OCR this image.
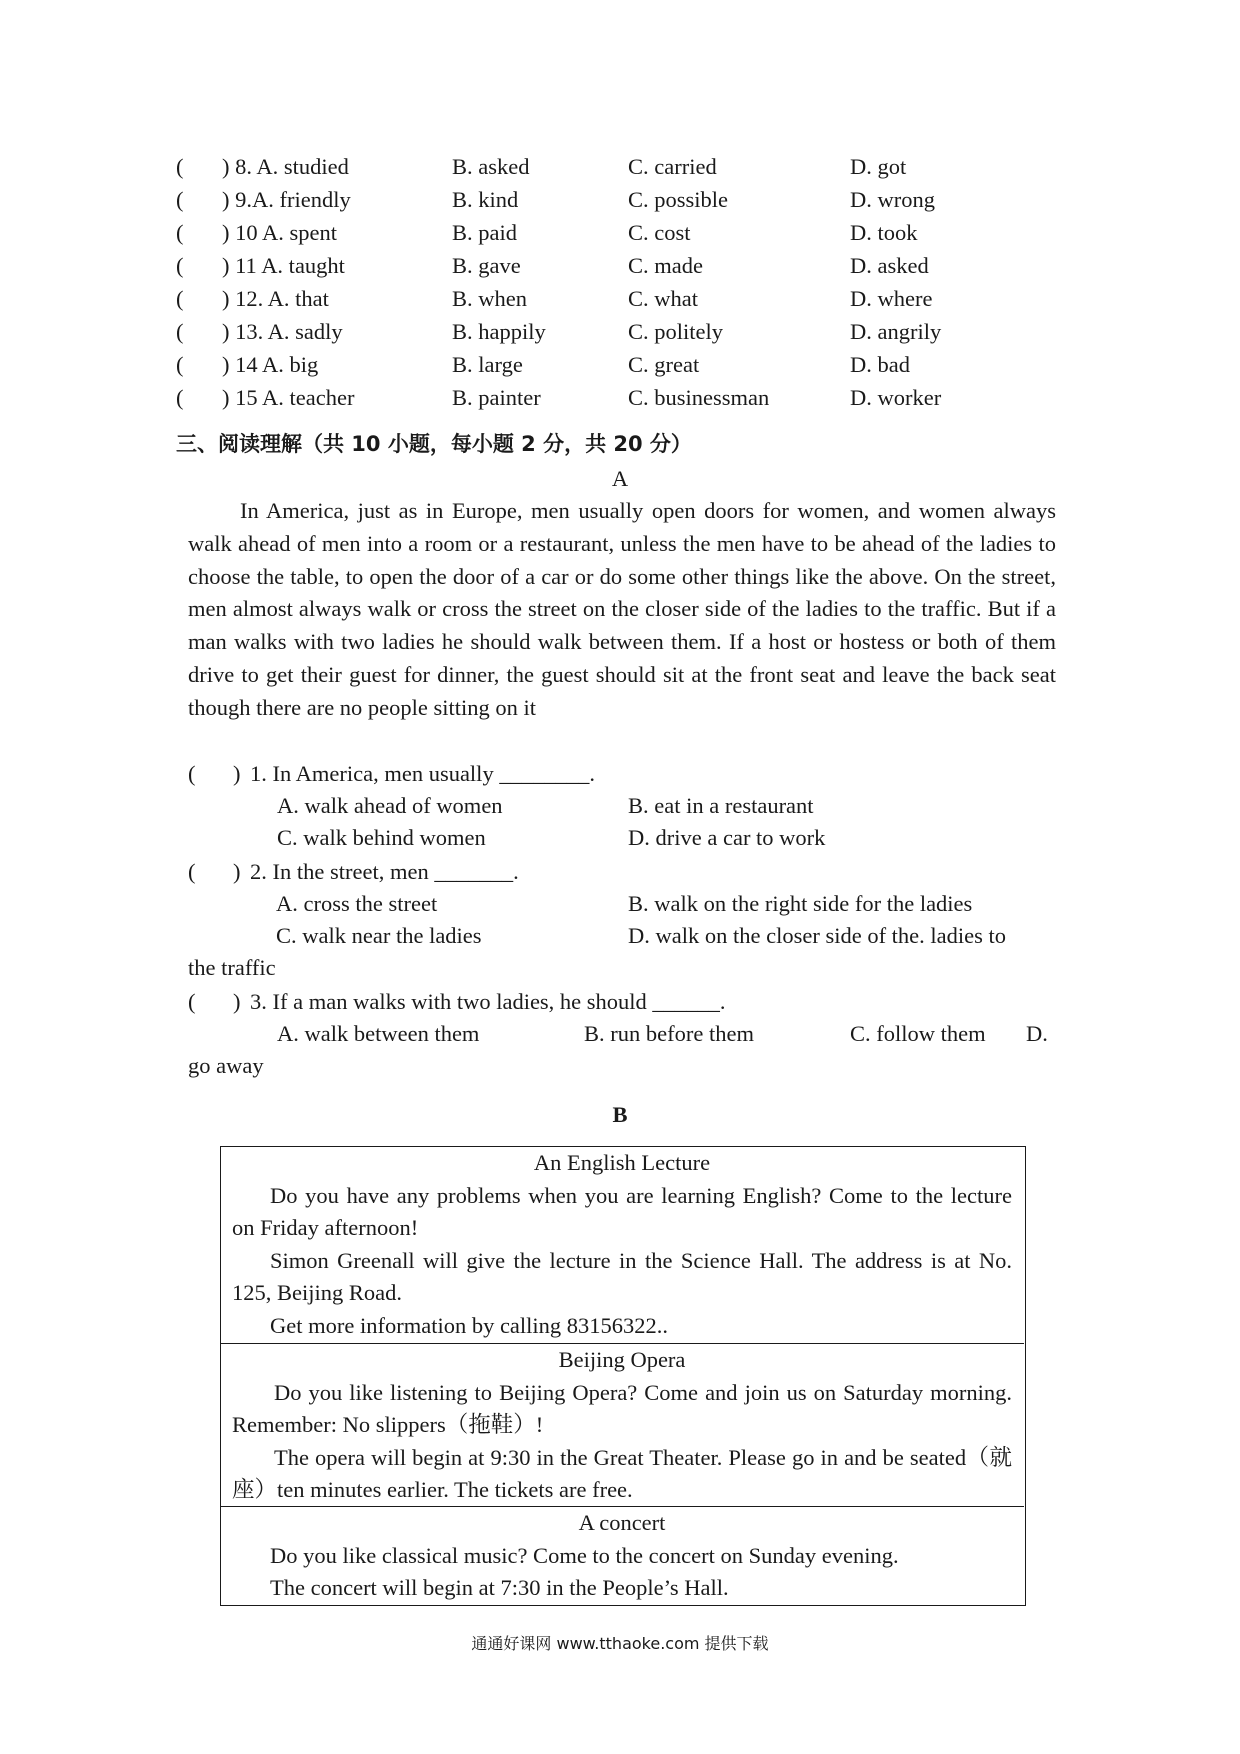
( ) 8. A. studied	B. asked	C. carried	D. got
( ) 9.A. friendly	B. kind	C. possible	D. wrong
( ) 10 A. spent	B. paid	C. cost	D. took
( ) 11 A. taught	B. gave	C. made	D. asked
( ) 12. A. that	B. when	C. what	D. where
( ) 13. A. sadly	B. happily	C. politely	D. angrily
( ) 14 A. big	B. large	C. great	D. bad
( ) 15 A. teacher	B. painter	C. businessman	D. worker
三、阅读理解（共 10 小题，每小题 2 分，共 20 分）
A

In America, just as in Europe, men usually open doors for women, and women always walk ahead of men into a room or a restaurant, unless the men have to be ahead of the ladies to choose the table, to open the door of a car or do some other things like the above. On the street, men almost always walk or cross the street on the closer side of the ladies to the traffic. But if a man walks with two ladies he should walk between them. If a host or hostess or both of them drive to get their guest for dinner, the guest should sit at the front seat and leave the back seat though there are no people sitting on it

( ) 1. In America, men usually ________.
A. walk ahead of women	B. eat in a restaurant
C. walk behind women	D. drive a car to work
( ) 2. In the street, men _______.
A. cross the street	B. walk on the right side for the ladies
C. walk near the ladies	D. walk on the closer side of the. ladies to
the traffic
( ) 3. If a man walks with two ladies, he should ______.
A. walk between them	B. run before them	C. follow them D.
go away
B
An English Lecture

Do you have any problems when you are learning English? Come to the lecture on Friday afternoon!

Simon Greenall will give the lecture in the Science Hall. The address is at No. 125, Beijing Road.

Get more information by calling 83156322..

Beijing Opera

Do you like listening to Beijing Opera? Come and join us on Saturday morning. Remember: No slippers（拖鞋）!

The opera will begin at 9:30 in the Great Theater. Please go in and be seated（就座）ten minutes earlier. The tickets are free.

A concert

Do you like classical music? Come to the concert on Sunday evening.

The concert will begin at 7:30 in the People’s Hall.

通通好课网 www.tthaoke.com 提供下载
